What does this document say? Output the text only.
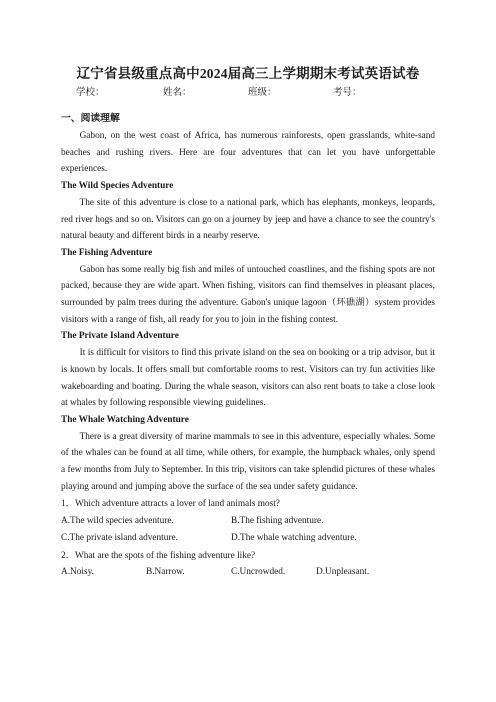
辽宁省县级重点高中2024届高三上学期期末考试英语试卷
学校：	姓名：	班级：	考号：
一、阅读理解

Gabon, on the west coast of Africa, has numerous rainforests, open grasslands, white-sand beaches and rushing rivers. Here are four adventures that can let you have unforgettable experiences.

The Wild Species Adventure

The site of this adventure is close to a national park, which has elephants, monkeys, leopards, red river hogs and so on. Visitors can go on a journey by jeep and have a chance to see the country's natural beauty and different birds in a nearby reserve.

The Fishing Adventure

Gabon has some really big fish and miles of untouched coastlines, and the fishing spots are not packed, because they are wide apart. When fishing, visitors can find themselves in pleasant places, surrounded by palm trees during the adventure. Gabon's unique lagoon（环礁湖）system provides visitors with a range of fish, all ready for you to join in the fishing contest.

The Private Island Adventure

It is difficult for visitors to find this private island on the sea on booking or a trip advisor, but it is known by locals. It offers small but comfortable rooms to rest. Visitors can try fun activities like wakeboarding and boating. During the whale season, visitors can also rent boats to take a close look at whales by following responsible viewing guidelines.

The Whale Watching Adventure

There is a great diversity of marine mammals to see in this adventure, especially whales. Some of the whales can be found at all time, while others, for example, the humpback whales, only spend a few months from July to September. In this trip, visitors can take splendid pictures of these whales playing around and jumping above the surface of the sea under safety guidance.

1．Which adventure attracts a lover of land animals most?
A.The wild species adventure.	B.The fishing adventure.
C.The private island adventure.	D.The whale watching adventure.
2．What are the spots of the fishing adventure like?
A.Noisy.	B.Narrow.	C.Uncrowded.	D.Unpleasant.
